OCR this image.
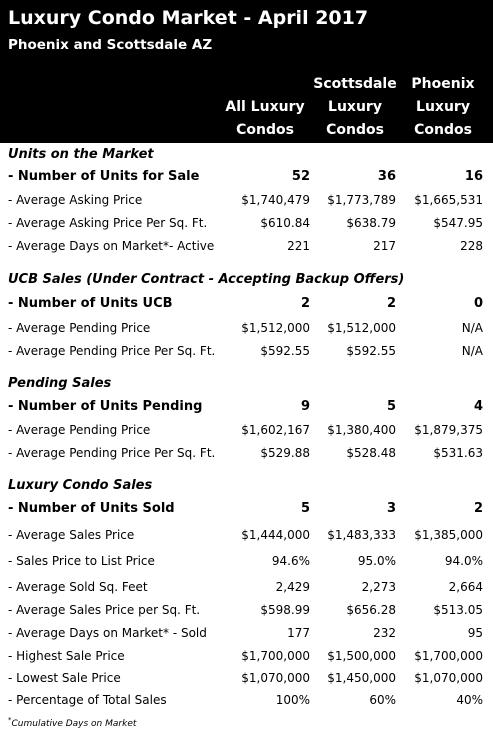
Luxury Condo Market - April 2017
Phoenix and Scottsdale AZ
All Luxury
Condos
Scottsdale
Luxury
Condos
Phoenix
Luxury
Condos
Units on the Market
- Number of Units for Sale	52	36	16
- Average Asking Price	$1,740,479 $1,773,789 $1,665,531
- Average Asking Price Per Sq. Ft.	$610.84	$638.79	$547.95
- Average Days on Market*- Active	221	217	228
UCB Sales (Under Contract - Accepting Backup Offers)
- Number of Units UCB	2	2	0
- Average Pending Price	$1,512,000 $1,512,000	N/A
- Average Pending Price Per Sq. Ft.	$592.55	$592.55	N/A
Pending Sales
- Number of Units Pending	9	5	4
- Average Pending Price	$1,602,167 $1,380,400 $1,879,375
- Average Pending Price Per Sq. Ft.	$529.88	$528.48	$531.63
Luxury Condo Sales
- Number of Units Sold	5	3	2
- Average Sales Price	$1,444,000 $1,483,333 $1,385,000
- Sales Price to List Price	94.6%	95.0%	94.0%
- Average Sold Sq. Feet	2,429	2,273	2,664
- Average Sales Price per Sq. Ft.	$598.99	$656.28	$513.05
- Average Days on Market* - Sold	177	232	95
- Highest Sale Price	$1,700,000 $1,500,000 $1,700,000
- Lowest Sale Price	$1,070,000 $1,450,000 $1,070,000
- Percentage of Total Sales	100%	60%	40%
*Cumulative Days on Market
